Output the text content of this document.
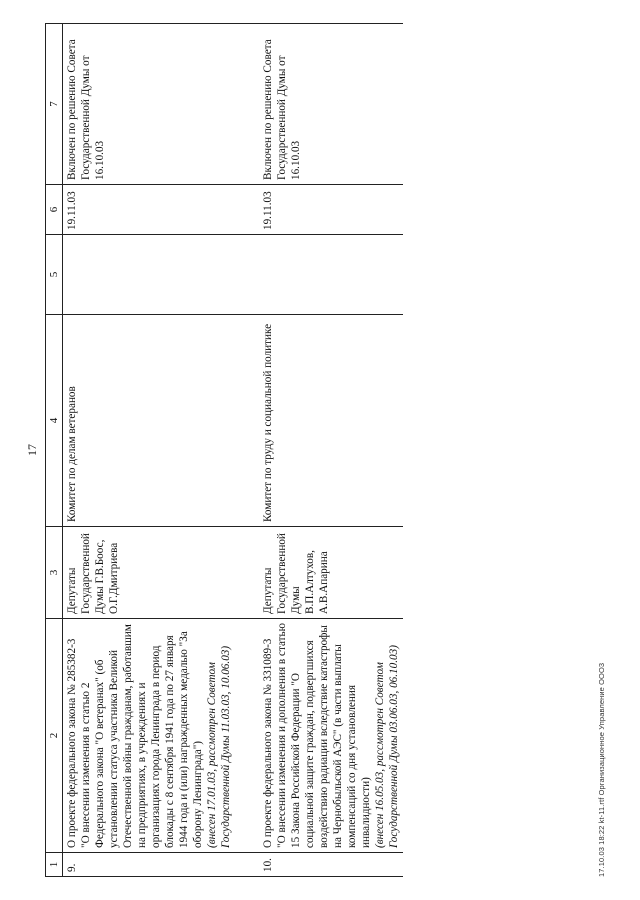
17
1	2	3	4	5	6	7
9.	О проекте федерального закона № 285382-3 "О внесении изменения в статью 2 Федерального закона "О ветеранах" (об установлении статуса участника Великой Отечественной войны гражданам, работавшим на предприятиях, в учреждениях и организациях города Ленинграда в период блокады с 8 сентября 1941 года по 27 января 1944 года и (или) награжденных медалью "За оборону Ленинграда") (внесен 17.01.03, рассмотрен Советом Государственной Думы 11.03.03, 10.06.03)	Депутаты Государственной Думы Г.В.Боос, О.Г.Дмитриева	Комитет по делам ветеранов		19.11.03	Включен по решению Совета Государственной Думы от 16.10.03
10.	О проекте федерального закона № 331089-3 "О внесении изменения и дополнения в статью 15 Закона Российской Федерации "О социальной защите граждан, подвергшихся воздействию радиации вследствие катастрофы на Чернобыльской АЭС" (в части выплаты компенсаций со дня установления инвалидности) (внесен 16.05.03, рассмотрен Советом Государственной Думы 03.06.03, 06.10.03)	Депутаты Государственной Думы В.П.Алтухов, А.В.Апарина	Комитет по труду и социальной политике		19.11.03	Включен по решению Совета Государственной Думы от 16.10.03
17.10.03 18:22 kt-11.rtf Организационное Управление ООО3
